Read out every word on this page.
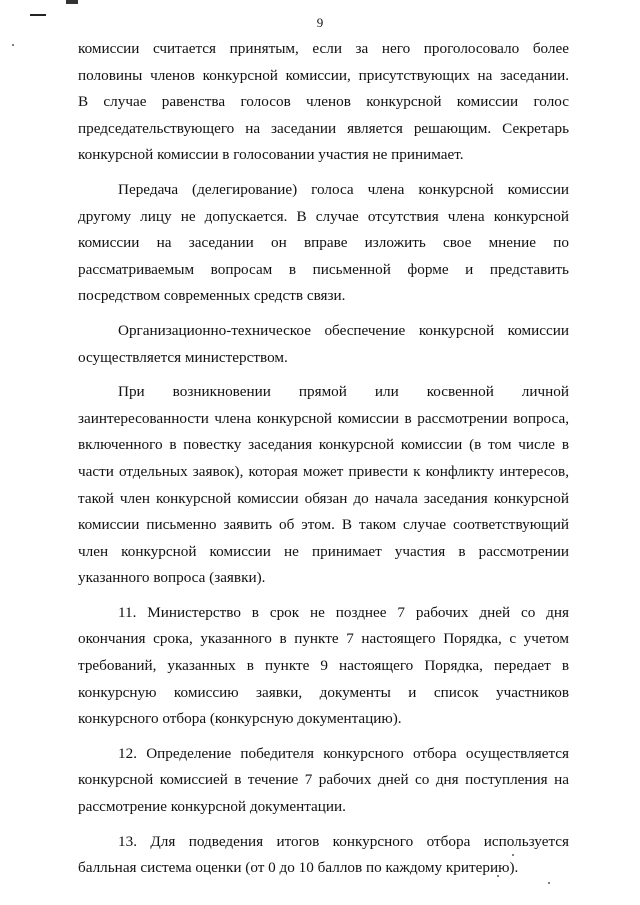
9
комиссии считается принятым, если за него проголосовало более
половины членов конкурсной комиссии, присутствующих на заседании.
В случае равенства голосов членов конкурсной комиссии голос
председательствующего на заседании является решающим. Секретарь
конкурсной комиссии в голосовании участия не принимает.
Передача (делегирование) голоса члена конкурсной комиссии
другому лицу не допускается. В случае отсутствия члена конкурсной
комиссии на заседании он вправе изложить свое мнение по
рассматриваемым вопросам в письменной форме и представить
посредством современных средств связи.
Организационно-техническое обеспечение конкурсной комиссии
осуществляется министерством.
При возникновении прямой или косвенной личной
заинтересованности члена конкурсной комиссии в рассмотрении вопроса,
включенного в повестку заседания конкурсной комиссии (в том числе в
части отдельных заявок), которая может привести к конфликту интересов,
такой член конкурсной комиссии обязан до начала заседания конкурсной
комиссии письменно заявить об этом. В таком случае соответствующий
член конкурсной комиссии не принимает участия в рассмотрении
указанного вопроса (заявки).
11. Министерство в срок не позднее 7 рабочих дней со дня
окончания срока, указанного в пункте 7 настоящего Порядка, с учетом
требований, указанных в пункте 9 настоящего Порядка, передает в
конкурсную комиссию заявки, документы и список участников
конкурсного отбора (конкурсную документацию).
12. Определение победителя конкурсного отбора осуществляется
конкурсной комиссией в течение 7 рабочих дней со дня поступления на
рассмотрение конкурсной документации.
13. Для подведения итогов конкурсного отбора используется
балльная система оценки (от 0 до 10 баллов по каждому критерию).
